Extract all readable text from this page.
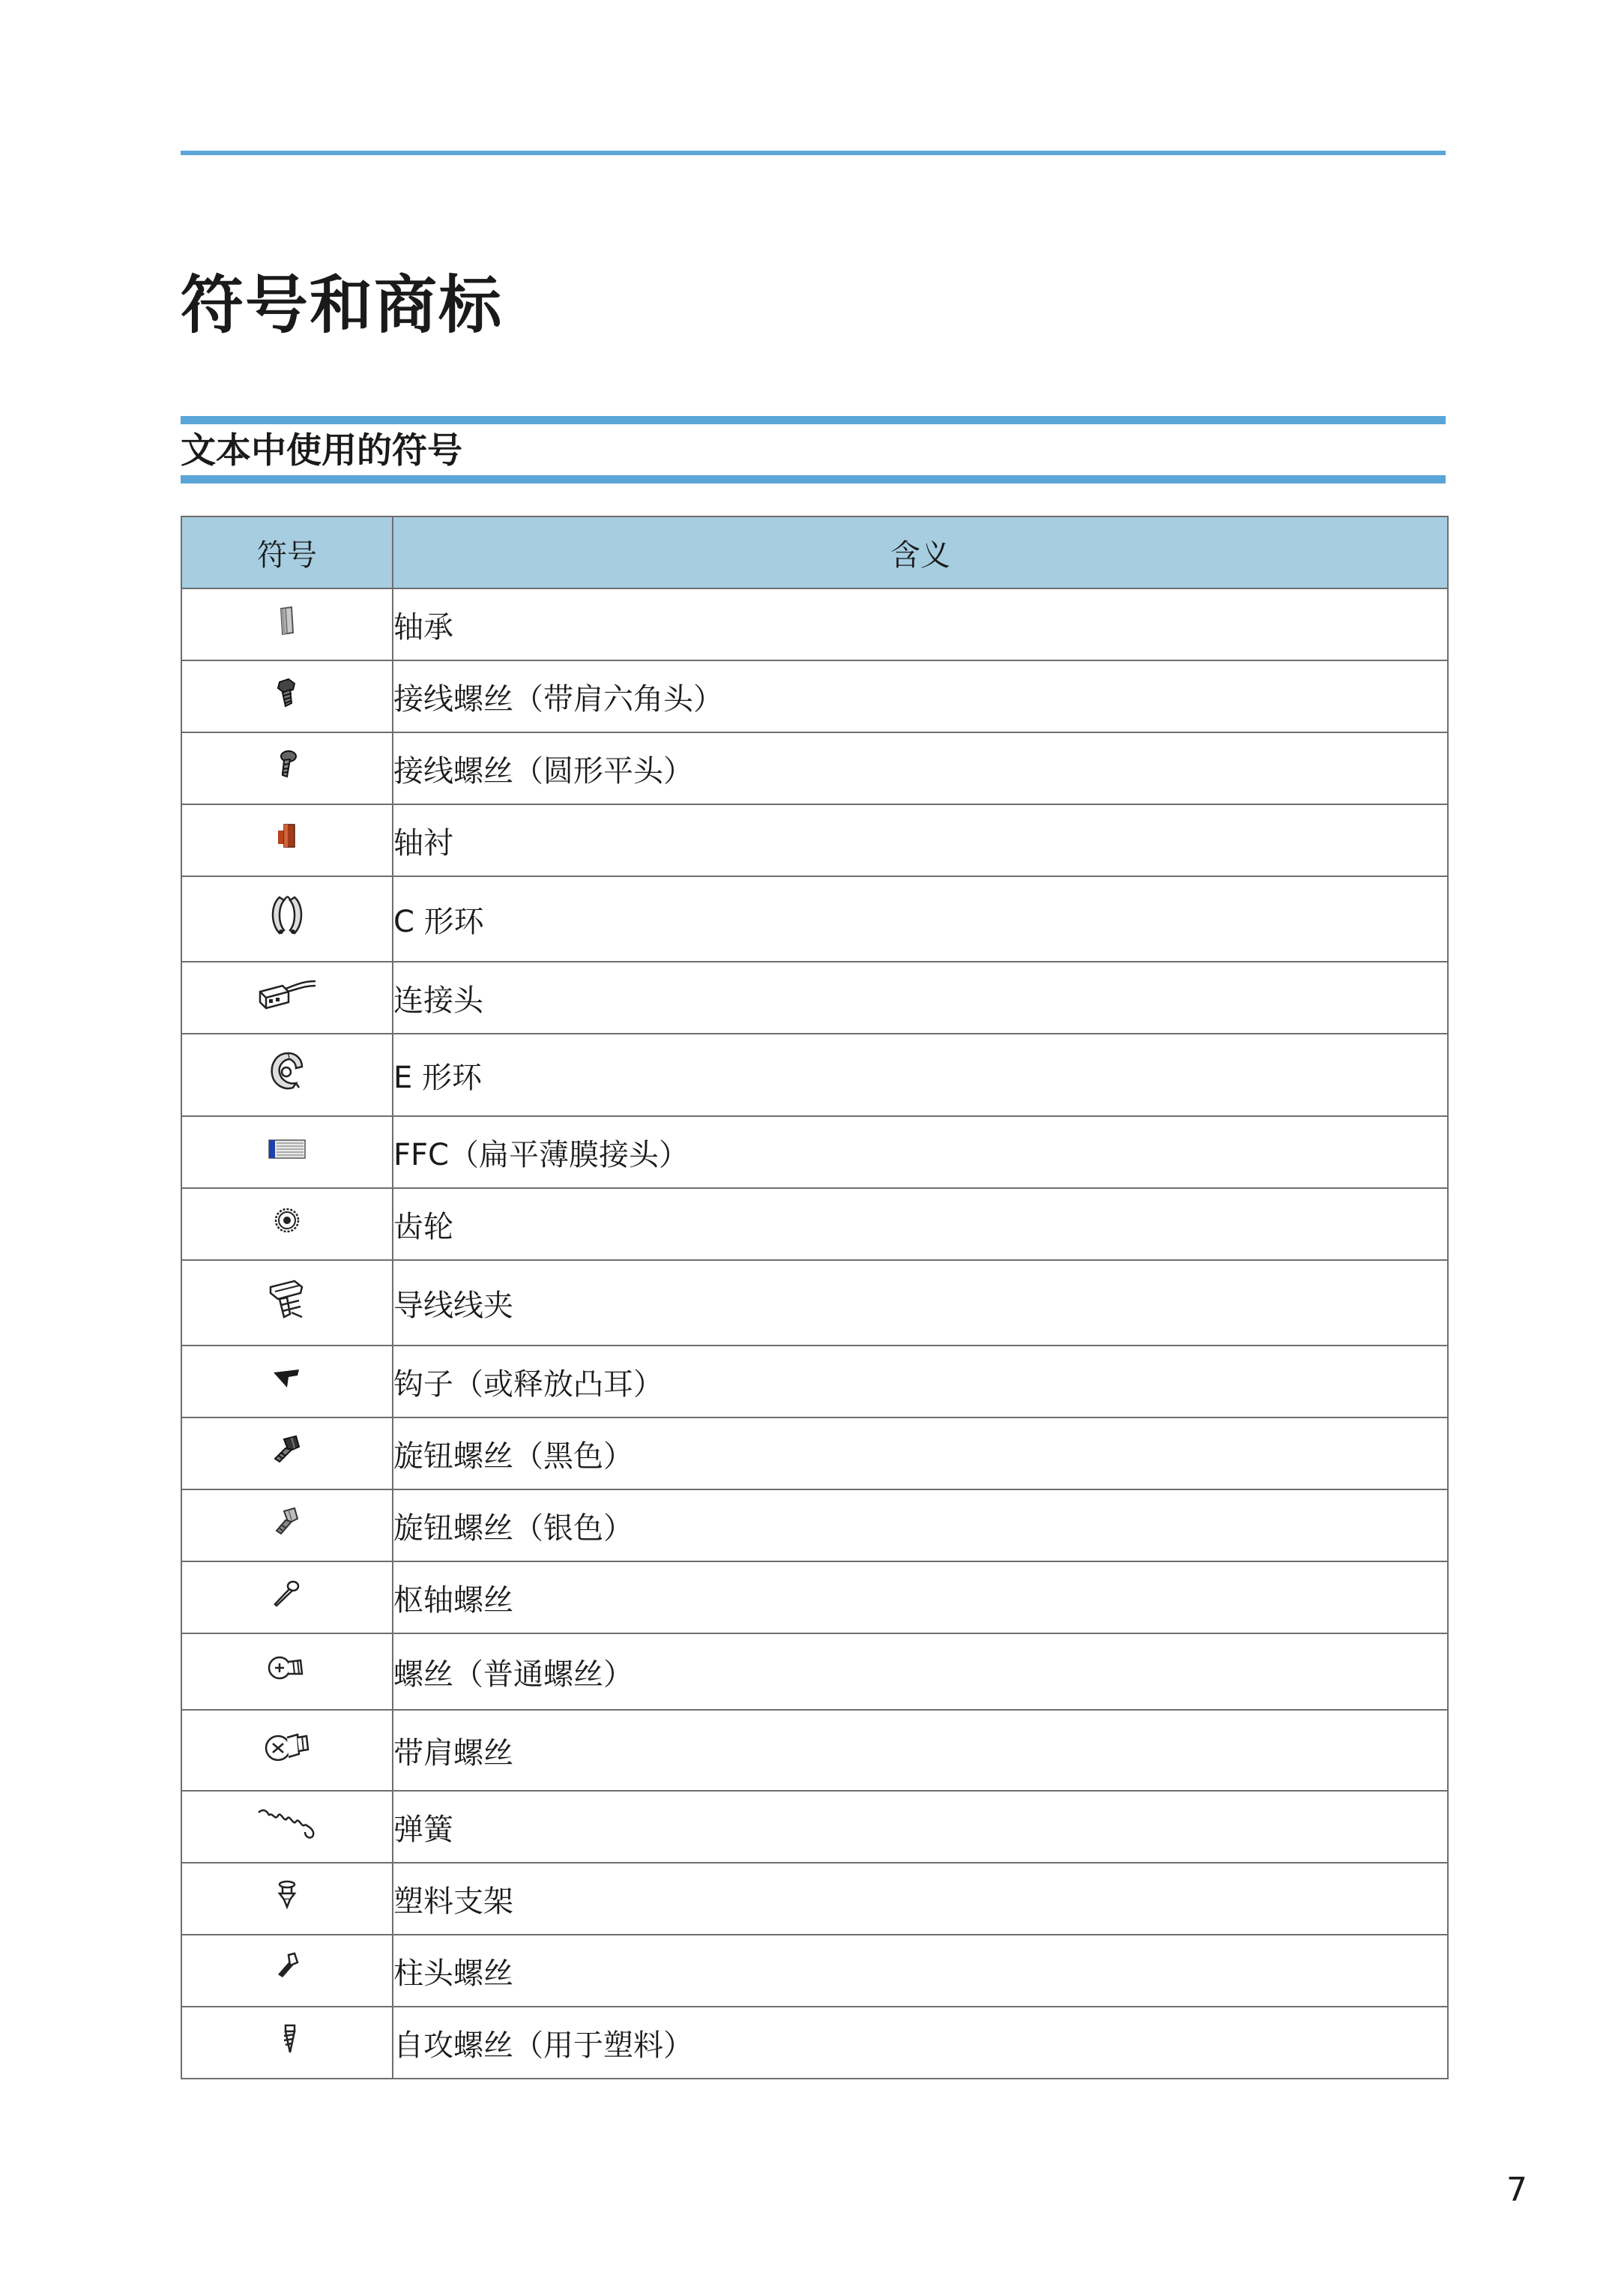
符号和商标
文本中使用的符号
符号	含义
	轴承
	接线螺丝（带肩六角头）
	接线螺丝（圆形平头）
	轴衬
	C 形环
	连接头
	E 形环
	FFC（扁平薄膜接头）
	齿轮
	导线线夹
	钩子（或释放凸耳）
	旋钮螺丝（黑色）
	旋钮螺丝（银色）
	枢轴螺丝
	螺丝（普通螺丝）
	带肩螺丝
	弹簧
	塑料支架
	柱头螺丝
	自攻螺丝（用于塑料）
7
